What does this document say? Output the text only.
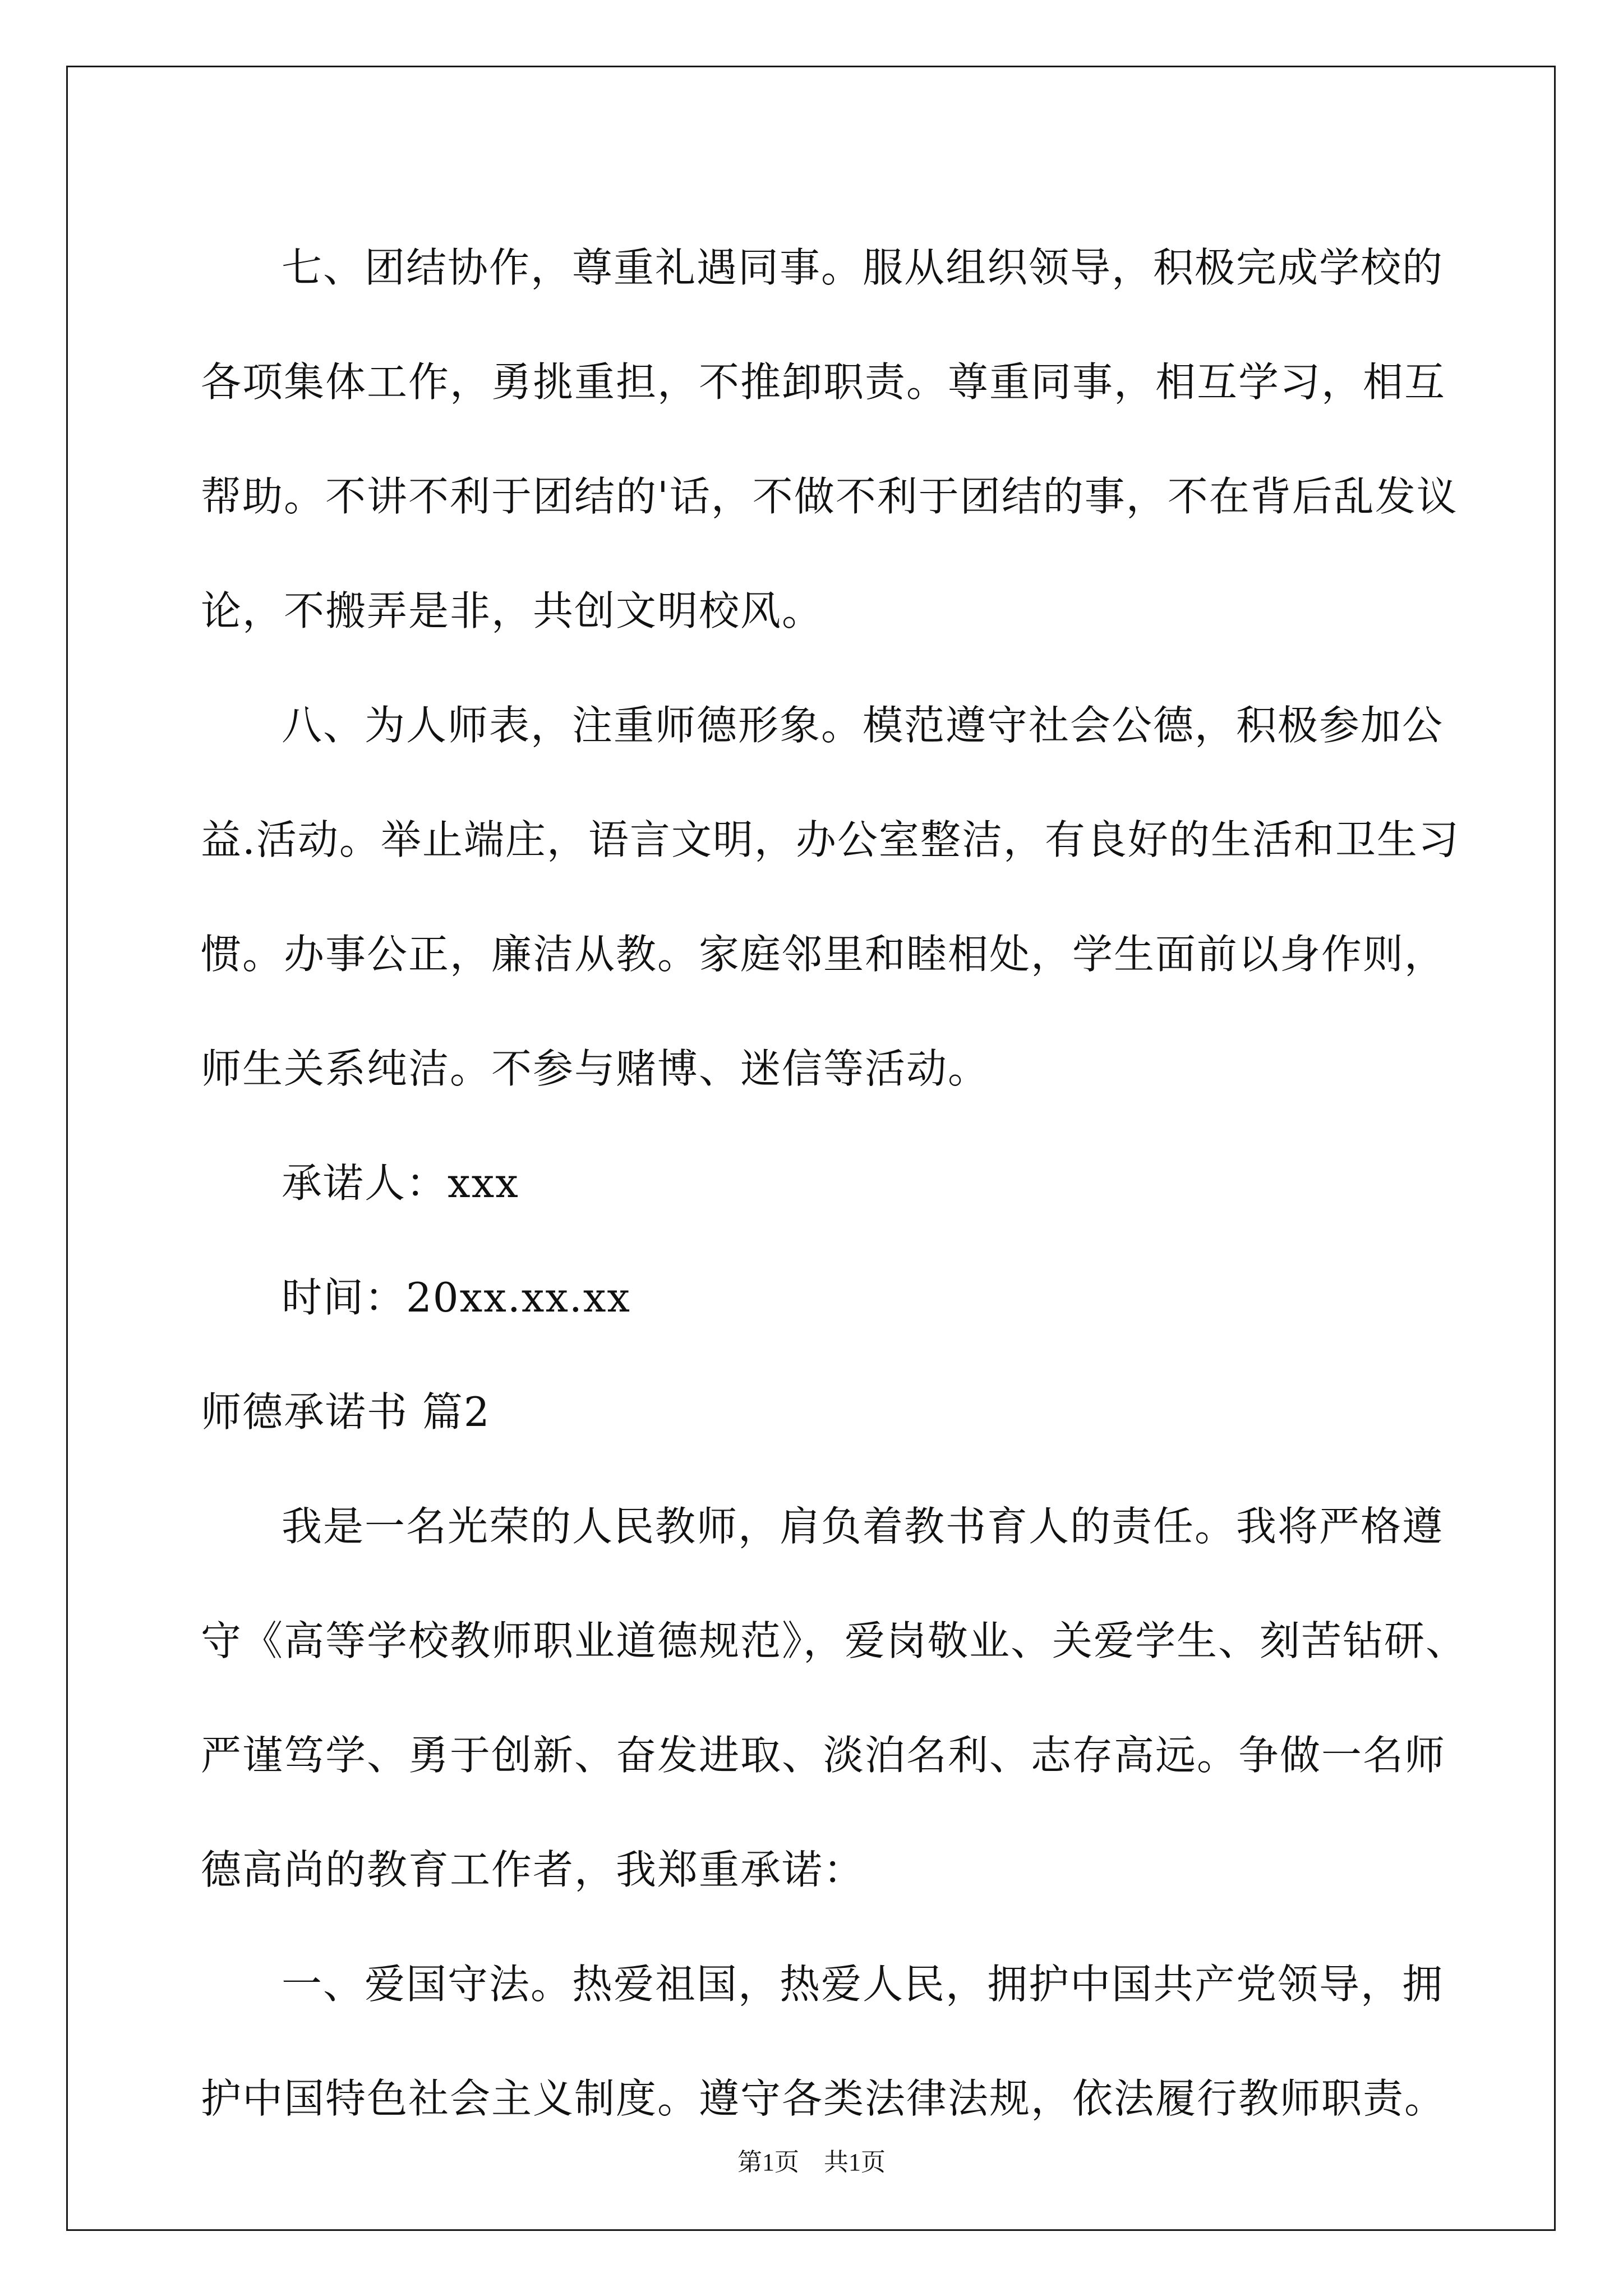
七、团结协作，尊重礼遇同事。服从组织领导，积极完成学校的
各项集体工作，勇挑重担，不推卸职责。尊重同事，相互学习，相互
帮助。不讲不利于团结的'话，不做不利于团结的事，不在背后乱发议
论，不搬弄是非，共创文明校风。

八、为人师表，注重师德形象。模范遵守社会公德，积极参加公
益.活动。举止端庄，语言文明，办公室整洁，有良好的生活和卫生习
惯。办事公正，廉洁从教。家庭邻里和睦相处，学生面前以身作则，
师生关系纯洁。不参与赌博、迷信等活动。

承诺人：xxx

时间：20xx.xx.xx

师德承诺书 篇2

我是一名光荣的人民教师，肩负着教书育人的责任。我将严格遵
守《高等学校教师职业道德规范》，爱岗敬业、关爱学生、刻苦钻研、
严谨笃学、勇于创新、奋发进取、淡泊名利、志存高远。争做一名师
德高尚的教育工作者，我郑重承诺：

一、爱国守法。热爱祖国，热爱人民，拥护中国共产党领导，拥
护中国特色社会主义制度。遵守各类法律法规，依法履行教师职责。

第1页　共1页
